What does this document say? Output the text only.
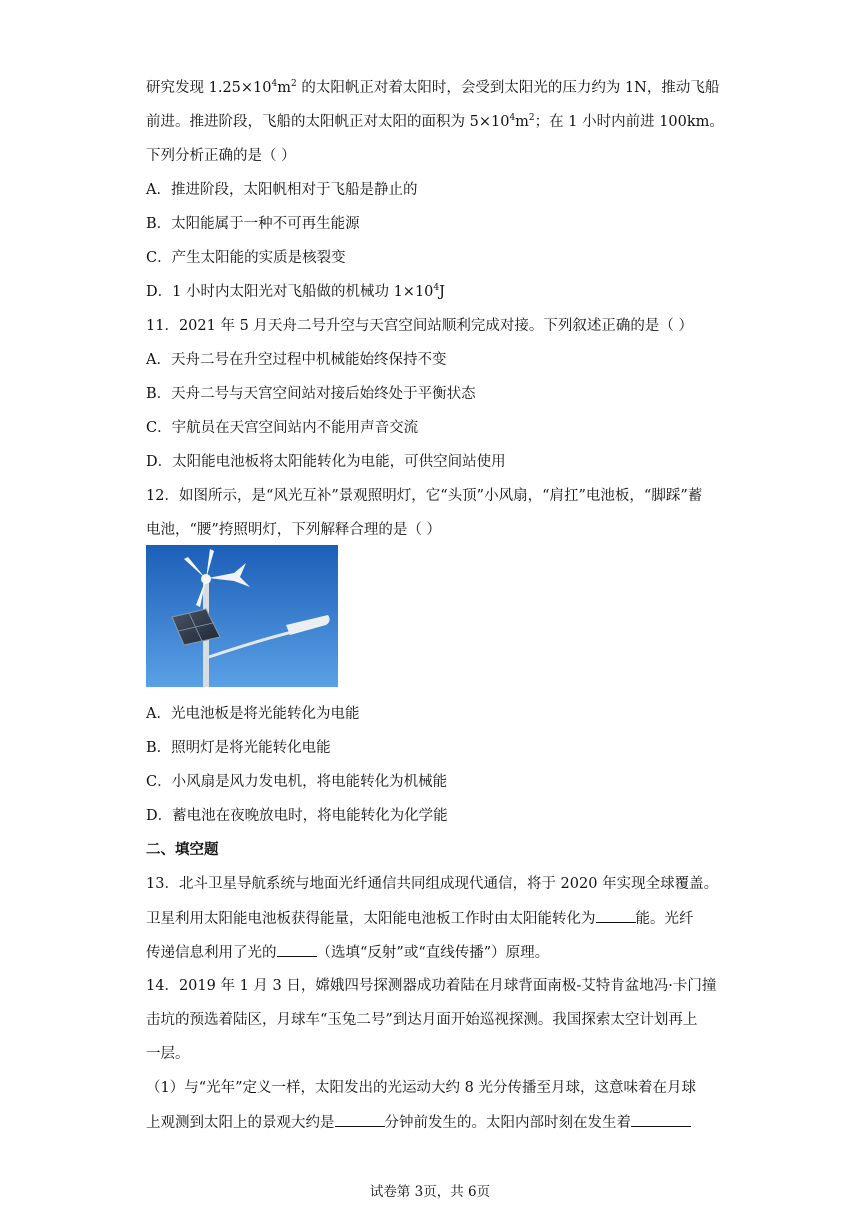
研究发现 $1.25\times 10^4m^2$ 的太阳帆正对着太阳时，会受到太阳光的压力约为 1N，推动飞船
前进。推进阶段，飞船的太阳帆正对太阳的面积为 $5\times 10^4m^2$；在 1 小时内前进 100km。
下列分析正确的是（ ）
A．推进阶段，太阳帆相对于飞船是静止的
B．太阳能属于一种不可再生能源
C．产生太阳能的实质是核裂变
D．1 小时内太阳光对飞船做的机械功 $1\times 10^4J$
11．2021 年 5 月天舟二号升空与天宫空间站顺利完成对接。下列叙述正确的是（ ）
A．天舟二号在升空过程中机械能始终保持不变
B．天舟二号与天宫空间站对接后始终处于平衡状态
C．宇航员在天宫空间站内不能用声音交流
D．太阳能电池板将太阳能转化为电能，可供空间站使用
12．如图所示，是“风光互补”景观照明灯，它“头顶”小风扇，“肩扛”电池板，“脚踩”蓄
电池，“腰”挎照明灯，下列解释合理的是（ ）
A．光电池板是将光能转化为电能
B．照明灯是将光能转化电能
C．小风扇是风力发电机，将电能转化为机械能
D．蓄电池在夜晚放电时，将电能转化为化学能
二、填空题
13．北斗卫星导航系统与地面光纤通信共同组成现代通信，将于 2020 年实现全球覆盖。
卫星利用太阳能电池板获得能量，太阳能电池板工作时由太阳能转化为	能。光纤
传递信息利用了光的	（选填“反射”或“直线传播”）原理。
14．2019 年 1 月 3 日，嫦娥四号探测器成功着陆在月球背面南极-艾特肯盆地冯·卡门撞
击坑的预选着陆区，月球车“玉兔二号”到达月面开始巡视探测。我国探索太空计划再上
一层。
（1）与“光年”定义一样，太阳发出的光运动大约 8 光分传播至月球，这意味着在月球
上观测到太阳上的景观大约是	分钟前发生的。太阳内部时刻在发生着
试卷第 3页，共 6页
